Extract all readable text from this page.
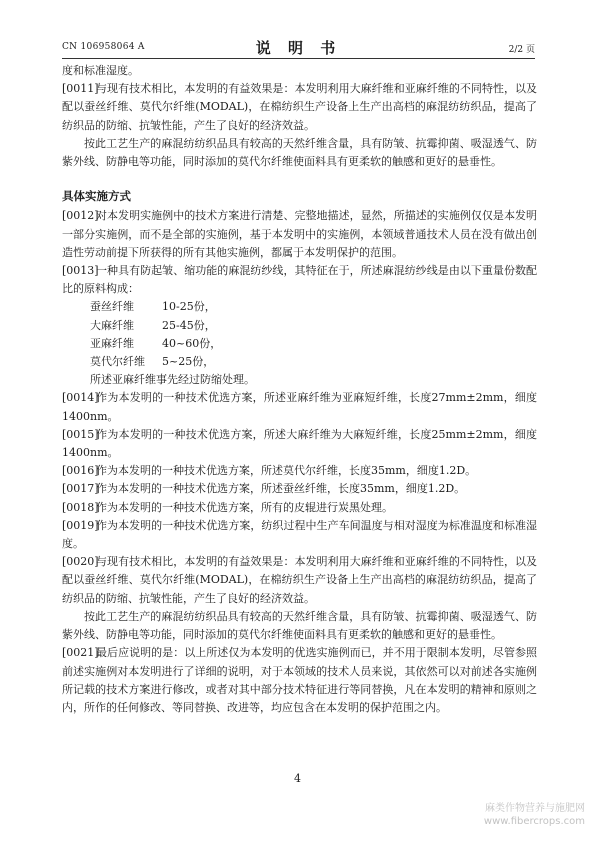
CN 106958064 A	说 明 书	2/2 页

度和标准湿度。

[0011]与现有技术相比，本发明的有益效果是：本发明利用大麻纤维和亚麻纤维的不同特性，以及配以蚕丝纤维、莫代尔纤维(MODAL)，在棉纺织生产设备上生产出高档的麻混纺纺织品，提高了纺织品的防缩、抗皱性能，产生了良好的经济效益。

按此工艺生产的麻混纺纺织品具有较高的天然纤维含量，具有防皱、抗霉抑菌、吸湿透气、防紫外线、防静电等功能，同时添加的莫代尔纤维使面料具有更柔软的触感和更好的悬垂性。

具体实施方式

[0012]对本发明实施例中的技术方案进行清楚、完整地描述，显然，所描述的实施例仅仅是本发明一部分实施例，而不是全部的实施例，基于本发明中的实施例，本领域普通技术人员在没有做出创造性劳动前提下所获得的所有其他实施例，都属于本发明保护的范围。

[0013]一种具有防起皱、缩功能的麻混纺纱线，其特征在于，所述麻混纺纱线是由以下重量份数配比的原料构成：

蚕丝纤维	10-25份，
大麻纤维	25-45份，
亚麻纤维	40~60份，
莫代尔纤维	5~25份，
所述亚麻纤维事先经过防缩处理。

[0014]作为本发明的一种技术优选方案，所述亚麻纤维为亚麻短纤维，长度27mm±2mm，细度1400nm。

[0015]作为本发明的一种技术优选方案，所述大麻纤维为大麻短纤维，长度25mm±2mm，细度1400nm。

[0016]作为本发明的一种技术优选方案，所述莫代尔纤维，长度35mm，细度1.2D。

[0017]作为本发明的一种技术优选方案，所述蚕丝纤维，长度35mm，细度1.2D。

[0018]作为本发明的一种技术优选方案，所有的皮辊进行炭黑处理。

[0019]作为本发明的一种技术优选方案，纺织过程中生产车间温度与相对湿度为标准温度和标准湿度。

[0020]与现有技术相比，本发明的有益效果是：本发明利用大麻纤维和亚麻纤维的不同特性，以及配以蚕丝纤维、莫代尔纤维(MODAL)，在棉纺织生产设备上生产出高档的麻混纺纺织品，提高了纺织品的防缩、抗皱性能，产生了良好的经济效益。

按此工艺生产的麻混纺纺织品具有较高的天然纤维含量，具有防皱、抗霉抑菌、吸湿透气、防紫外线、防静电等功能，同时添加的莫代尔纤维使面料具有更柔软的触感和更好的悬垂性。

[0021]最后应说明的是：以上所述仅为本发明的优选实施例而已，并不用于限制本发明，尽管参照前述实施例对本发明进行了详细的说明，对于本领域的技术人员来说，其依然可以对前述各实施例所记载的技术方案进行修改，或者对其中部分技术特征进行等同替换，凡在本发明的精神和原则之内，所作的任何修改、等同替换、改进等，均应包含在本发明的保护范围之内。

4
麻类作物营养与施肥网
www.fibercrops.com
